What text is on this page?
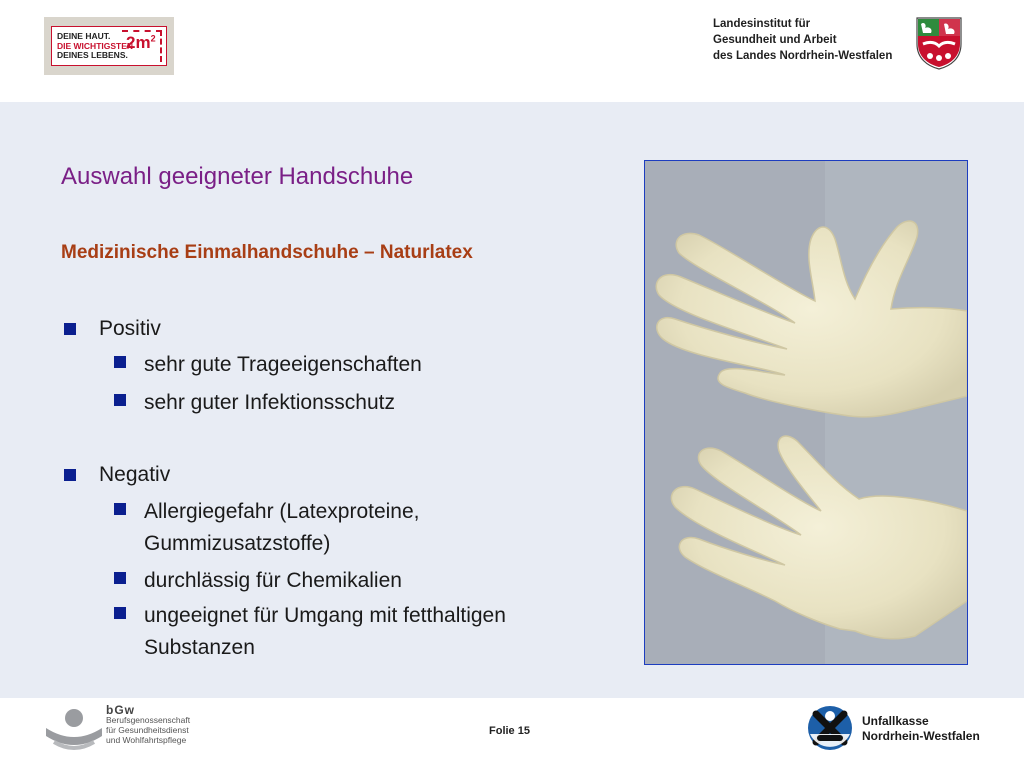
DEINE HAUT.
DIE WICHTIGSTEN
DEINES LEBENS.
$2m^2$
Landesinstitut für
Gesundheit und Arbeit
des Landes Nordrhein-Westfalen
Auswahl geeigneter Handschuhe
Medizinische Einmalhandschuhe – Naturlatex
Positiv
sehr gute Trageeigenschaften
sehr guter Infektionsschutz
Negativ
Allergiegefahr (Latexproteine,
Gummizusatzstoffe)
durchlässig für Chemikalien
ungeeignet für Umgang mit fetthaltigen
Substanzen
bGw
Berufsgenossenschaft
für Gesundheitsdienst
und Wohlfahrtspflege
Folie 15
Unfallkasse
Nordrhein-Westfalen
